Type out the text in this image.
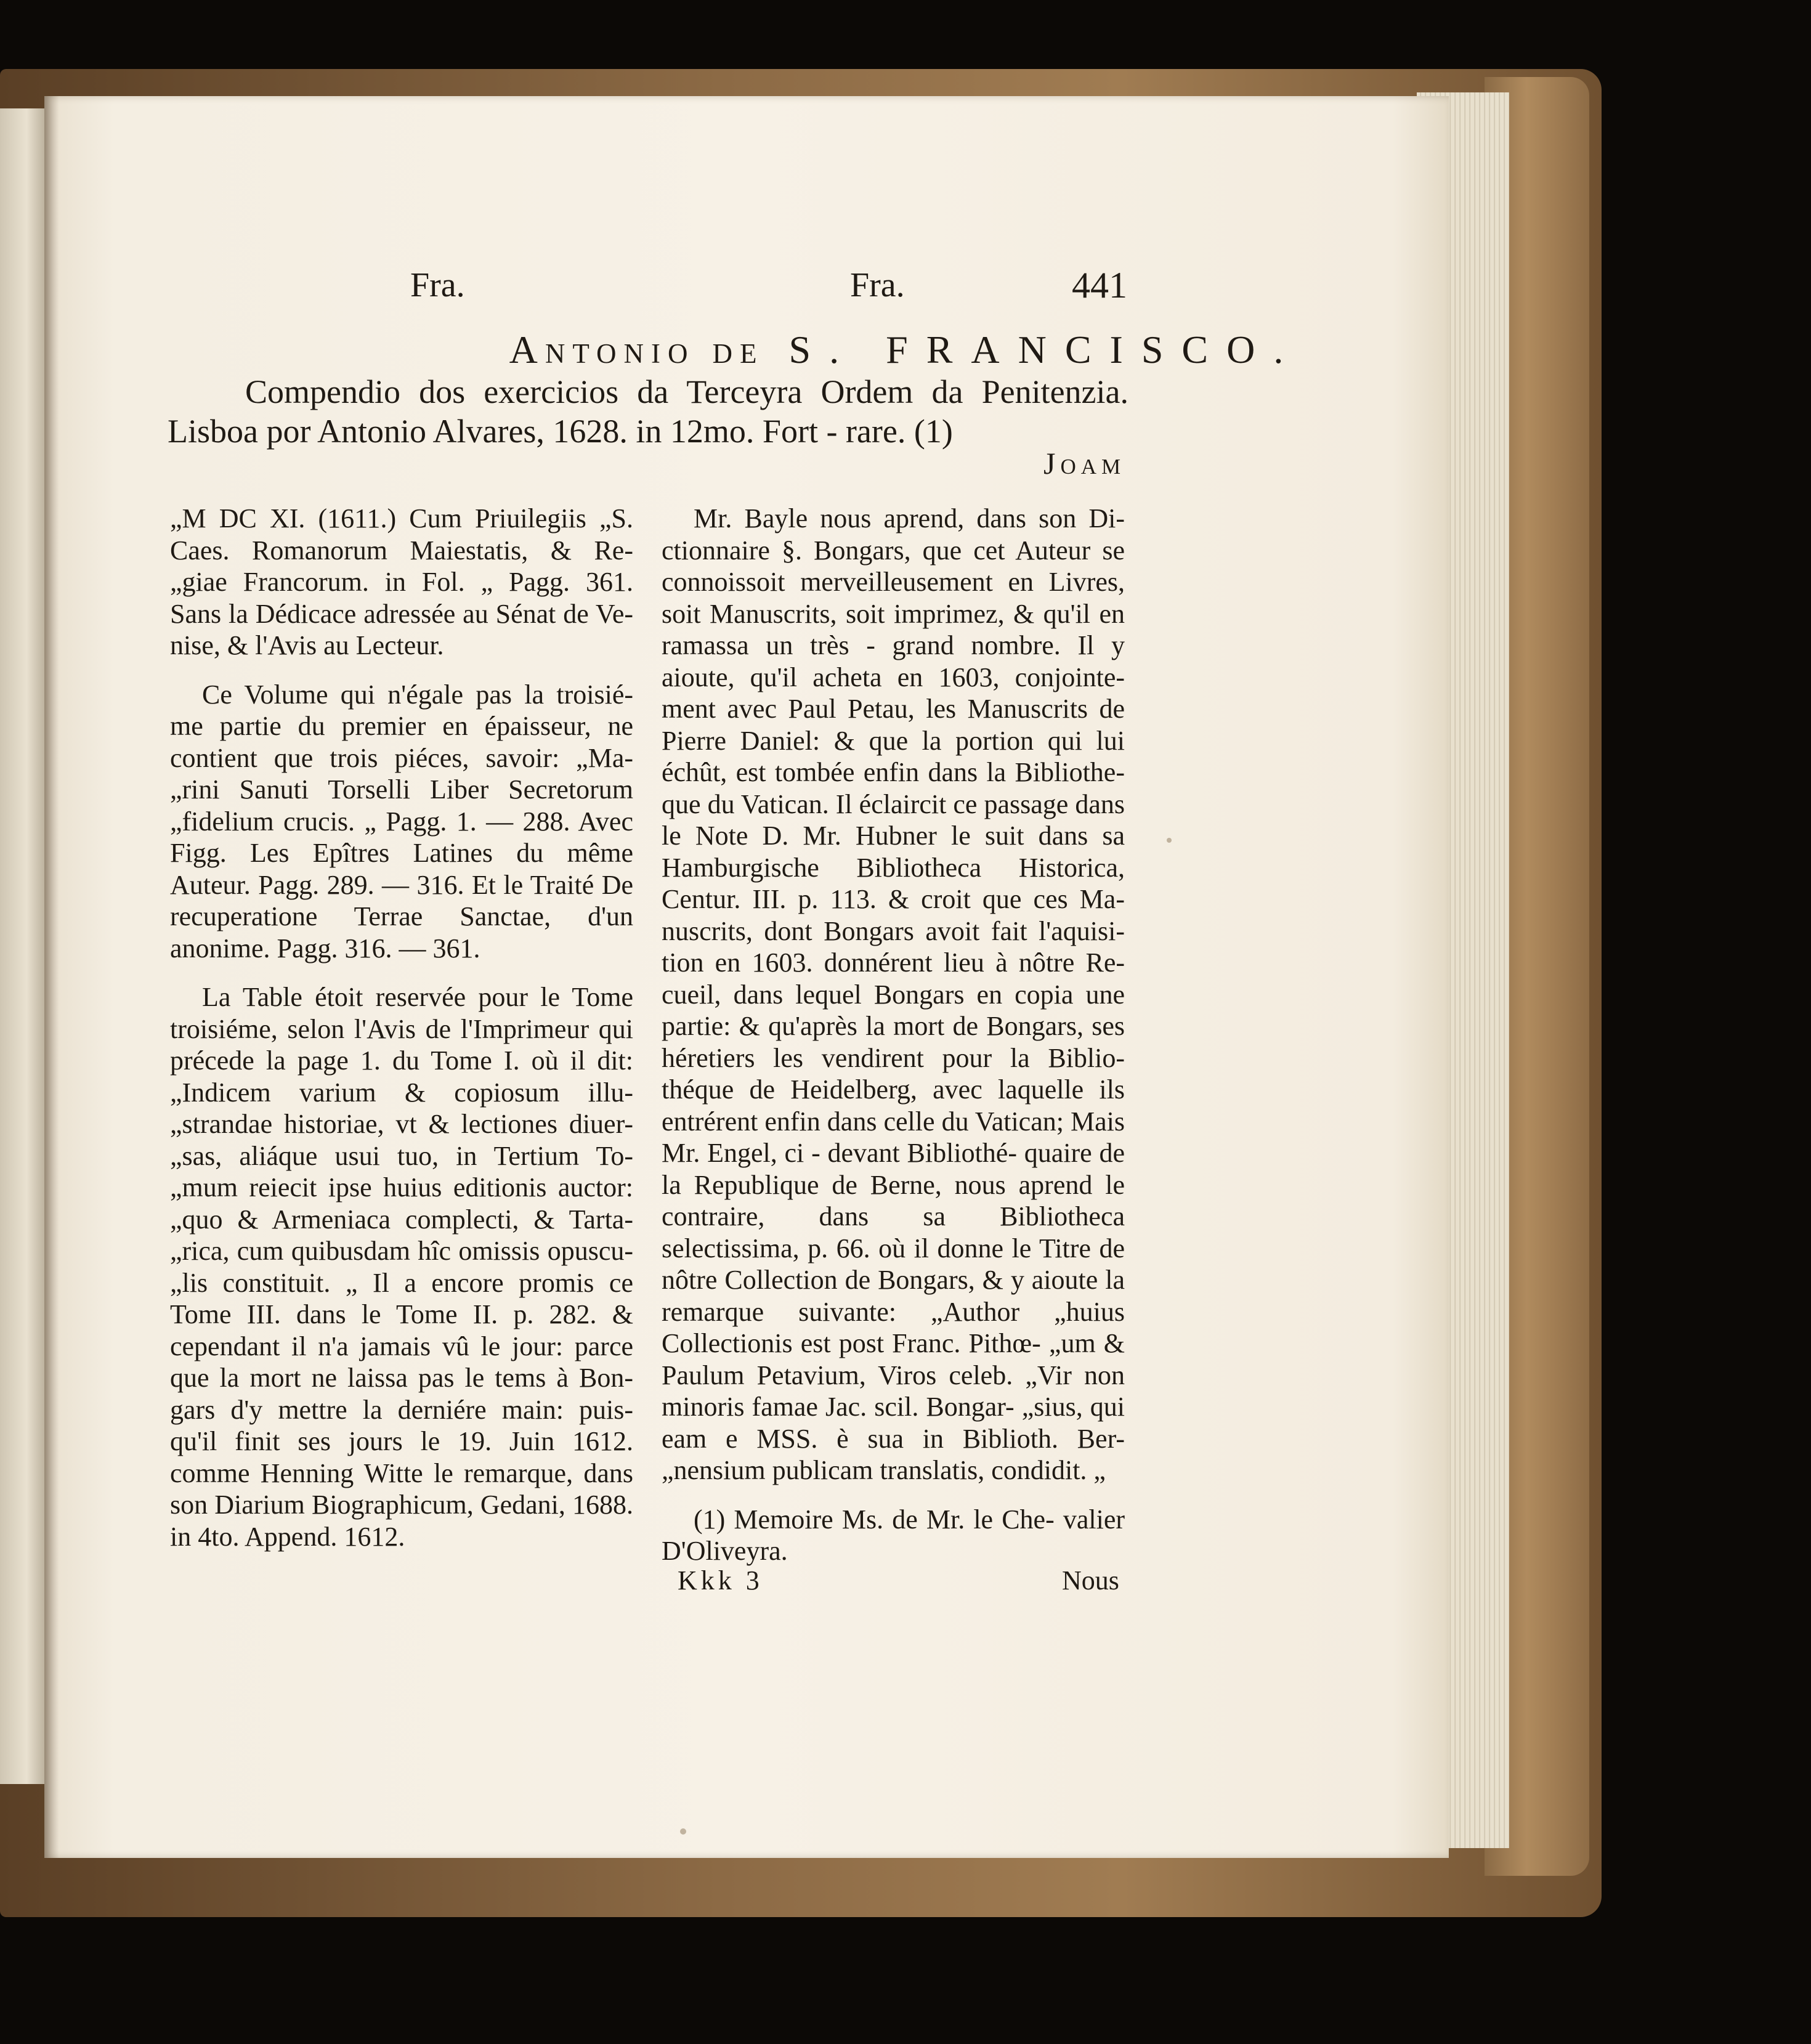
Fra.	Fra.	441
Antonio de S. FRANCISCO.

Compendio dos exercicios da Terceyra Ordem da Penitenzia.

Lisboa por Antonio Alvares, 1628. in 12mo. Fort - rare. (1)

Joam

„M DC XI. (1611.) Cum Priuilegiis „S. Caes. Romanorum Maiestatis, & Re- „giae Francorum. in Fol. „ Pagg. 361. Sans la Dédicace adressée au Sénat de Ve- nise, & l'Avis au Lecteur.

Ce Volume qui n'égale pas la troisié- me partie du premier en épaisseur, ne contient que trois piéces, savoir: „Ma- „rini Sanuti Torselli Liber Secretorum „fidelium crucis. „ Pagg. 1. — 288. Avec Figg. Les Epîtres Latines du même Auteur. Pagg. 289. — 316. Et le Traité De recuperatione Terrae Sanctae, d'un anonime. Pagg. 316. — 361.

La Table étoit reservée pour le Tome troisiéme, selon l'Avis de l'Imprimeur qui précede la page 1. du Tome I. où il dit: „Indicem varium & copiosum illu- „strandae historiae, vt & lectiones diuer- „sas, aliáque usui tuo, in Tertium To- „mum reiecit ipse huius editionis auctor: „quo & Armeniaca complecti, & Tarta- „rica, cum quibusdam hîc omissis opuscu- „lis constituit. „ Il a encore promis ce Tome III. dans le Tome II. p. 282. & cependant il n'a jamais vû le jour: parce que la mort ne laissa pas le tems à Bon- gars d'y mettre la derniére main: puis- qu'il finit ses jours le 19. Juin 1612. comme Henning Witte le remarque, dans son Diarium Biographicum, Gedani, 1688. in 4to. Append. 1612.

Mr. Bayle nous aprend, dans son Di- ctionnaire §. Bongars, que cet Auteur se connoissoit merveilleusement en Livres, soit Manuscrits, soit imprimez, & qu'il en ramassa un très - grand nombre. Il y aioute, qu'il acheta en 1603, conjointe- ment avec Paul Petau, les Manuscrits de Pierre Daniel: & que la portion qui lui échût, est tombée enfin dans la Bibliothe- que du Vatican. Il éclaircit ce passage dans le Note D. Mr. Hubner le suit dans sa Hamburgische Bibliotheca Historica, Centur. III. p. 113. & croit que ces Ma- nuscrits, dont Bongars avoit fait l'aquisi- tion en 1603. donnérent lieu à nôtre Re- cueil, dans lequel Bongars en copia une partie: & qu'après la mort de Bongars, ses héretiers les vendirent pour la Biblio- théque de Heidelberg, avec laquelle ils entrérent enfin dans celle du Vatican; Mais Mr. Engel, ci - devant Bibliothé- quaire de la Republique de Berne, nous aprend le contraire, dans sa Bibliotheca selectissima, p. 66. où il donne le Titre de nôtre Collection de Bongars, & y aioute la remarque suivante: „Author „huius Collectionis est post Franc. Pithœ- „um & Paulum Petavium, Viros celeb. „Vir non minoris famae Jac. scil. Bongar- „sius, qui eam e MSS. è sua in Biblioth. Ber- „nensium publicam translatis, condidit. „

(1) Memoire Ms. de Mr. le Che- valier D'Oliveyra.

Kkk 3	Nous
